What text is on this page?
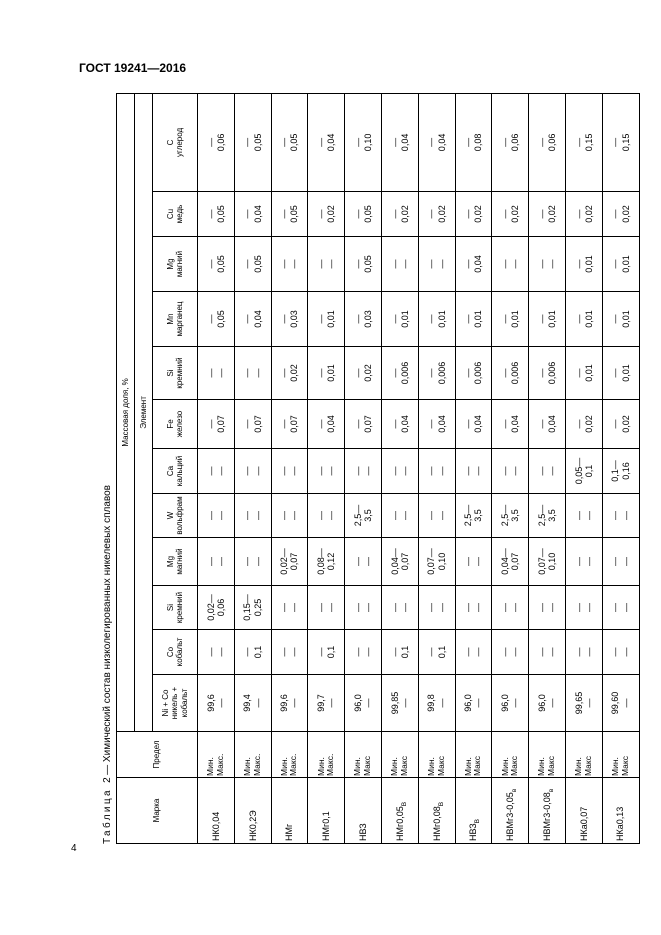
ГОСТ 19241—2016
Таблица 2
— Химический состав низколегированных никелевых сплавов
Марка	Предел	Массовая доля, %											
		Элемент											

		Ni + Co никель + кобальт	Co кобальт	Si кремний	Mg магний	W вольфрам	Ca кальций	Fe железо	Si кремний	Mn марганец	Mg магний	Cu медь	C углерод

НК0,04	Мин. Макс.	99,6 —	— —	0,02— 0,06	— —	— —	— —	— 0,07	— —	— 0,05	— 0,05	— 0,05	— 0,06

НК0,2Э	Мин. Макс.	99,4 —	— 0,1	0,15— 0,25	— —	— —	— —	— 0,07	— —	— 0,04	— 0,05	— 0,04	— 0,05

НМг	Мин. Макс.	99,6 —	— —	— —	0,02— 0,07	— —	— —	— 0,07	— 0,02	— 0,03	— —	— 0,05	— 0,05

НМг0,1	Мин. Макс.	99,7 —	— 0,1	— —	0,08— 0,12	— —	— —	— 0,04	— 0,01	— 0,01	— —	— 0,02	— 0,04

НВЗ	Мин. Макс	96,0 —	— —	— —	— —	2,5— 3,5	— —	— 0,07	— 0,02	— 0,03	— 0,05	— 0,05	— 0,10

$НМг0,05_В$	Мин. Макс	99,85 —	— 0,1	— —	0,04— 0,07	— —	— —	— 0,04	— 0,006	— 0,01	— —	— 0,02	— 0,04

$НМг0,08_В$	Мин. Макс	99,8 —	— 0,1	— —	0,07— 0,10	— —	— —	— 0,04	— 0,006	— 0,01	— —	— 0,02	— 0,04

$НВЗ_В$	Мин. Макс	96,0 —	— —	— —	— —	2,5— 3,5	— —	— 0,04	— 0,006	— 0,01	— 0,04	— 0,02	— 0,08

$НВМг3-0,05_в$	Мин. Макс	96,0 —	— —	— —	0,04— 0,07	2,5— 3,5	— —	— 0,04	— 0,006	— 0,01	— —	— 0,02	— 0,06

$НВМг3-0,08_в$	Мин. Макс	96,0 —	— —	— —	0,07— 0,10	2,5— 3,5	— —	— 0,04	— 0,006	— 0,01	— —	— 0,02	— 0,06

НКа0,07	Мин. Макс	99,65 —	— —	— —	— —	— —	0,05— 0,1	— 0,02	— 0,01	— 0,01	— 0,01	— 0,02	— 0,15

НКа0,13	Мин. Макс	99,60 —	— —	— —	— —	— —	0,1— 0,16	— 0,02	— 0,01	— 0,01	— 0,01	— 0,02	— 0,15
4
